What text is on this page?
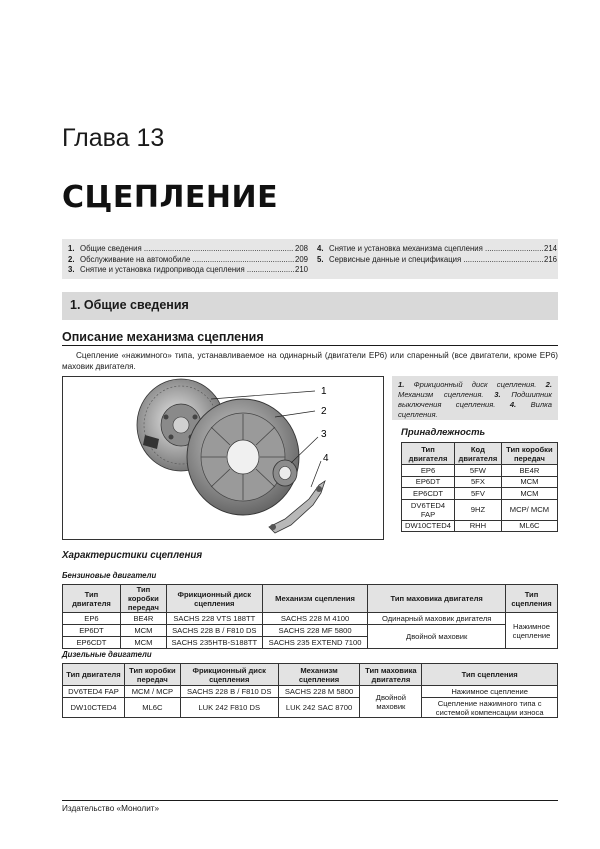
Глава 13
СЦЕПЛЕНИЕ
1. Общие сведения .....	208
2. Обслуживание на автомобиле .....	209
3. Снятие и установка гидропривода сцепления .....	210
4. Снятие и установка механизма сцепления .....	214
5. Сервисные данные и спецификация .....	216
1. Общие сведения
Описание механизма сцепления

Сцепление «нажимного» типа, устанавливаемое на одинарный (двигатели EP6) или спаренный (все двигатели, кроме EP6) маховик двигателя.

1
2
3
4
1. Фрикционный диск сцепления. 2. Механизм сцепления. 3. Подшипник выключения сцепления. 4. Вилка сцепления.
Принадлежность
Тип двигателя	Код двигателя	Тип коробки передач
EP6	5FW	BE4R
EP6DT	5FX	MCM
EP6CDT	5FV	MCM
DV6TED4 FAP	9HZ	MCP/ MCM
DW10CTED4	RHH	ML6C
Характеристики сцепления
Бензиновые двигатели
Тип двигателя	Тип коробки передач	Фрикционный диск сцепления	Механизм сцепления	Тип маховика двигателя	Тип сцепления
EP6	BE4R	SACHS 228 VTS 188TT	SACHS 228 M 4100	Одинарный маховик двигателя	Нажимное сцепление
EP6DT	MCM	SACHS 228 B / F810 DS	SACHS 228 MF 5800	Двойной маховик	
EP6CDT	MCM	SACHS 235HTB-S188TT	SACHS 235 EXTEND 7100		
Дизельные двигатели
Тип двигателя	Тип коробки передач	Фрикционный диск сцепления	Механизм сцепления	Тип маховика двигателя	Тип сцепления
DV6TED4 FAP	MCM / MCP	SACHS 228 B / F810 DS	SACHS 228 M 5800	Двойной маховик	Нажимное сцепление
DW10CTED4	ML6C	LUK 242 F810 DS	LUK 242 SAC 8700		Сцепление нажимного типа с системой компенсации износа
Издательство «Монолит»
